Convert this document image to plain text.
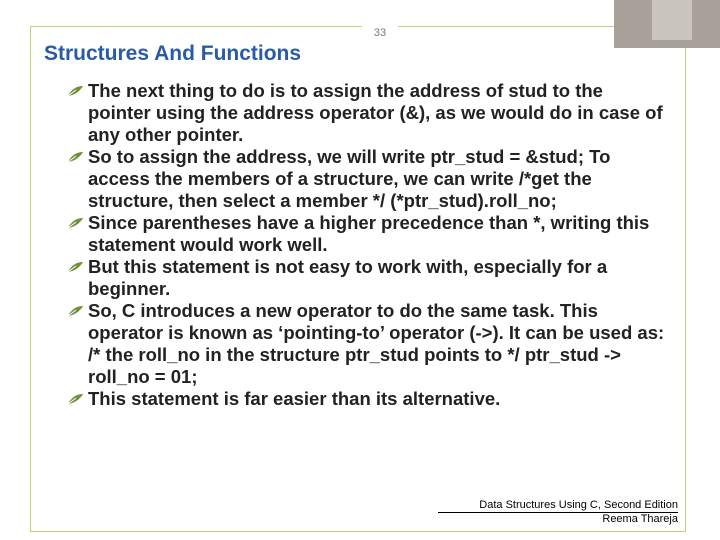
33
Structures And Functions

The next thing to do is to assign the address of stud to the pointer using the address operator (&), as we would do in case of any other pointer.

So to assign the address, we will write ptr_stud = &stud; To access the members of a structure, we can write /*get the structure, then select a member */ (*ptr_stud).roll_no;

Since parentheses have a higher precedence than *, writing this statement would work well.

But this statement is not easy to work with, especially for a beginner.

So, C introduces a new operator to do the same task. This operator is known as ‘pointing-to’ operator (->). It can be used as: /* the roll_no in the structure ptr_stud points to */ ptr_stud -> roll_no = 01;

This statement is far easier than its alternative.

Data Structures Using C, Second Edition
Reema Thareja
